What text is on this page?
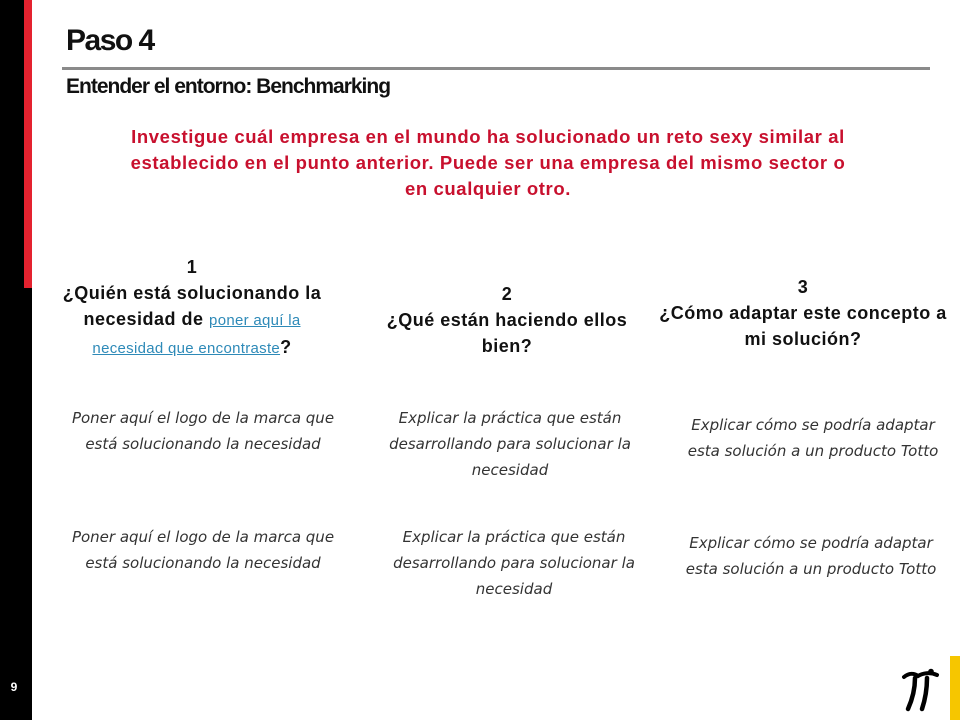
9
Paso 4
Entender el entorno: Benchmarking

Investigue cuál empresa en el mundo ha solucionado un reto sexy similar al establecido en el punto anterior. Puede ser una empresa del mismo sector o en cualquier otro.

1
¿Quién está solucionando la necesidad de poner aquí la necesidad que encontraste?
2
¿Qué están haciendo ellos bien?
3
¿Cómo adaptar este concepto a mi solución?
Poner aquí el logo de la marca que está solucionando la necesidad
Explicar la práctica que están desarrollando para solucionar la necesidad
Explicar cómo se podría adaptar esta solución a un producto Totto
Poner aquí el logo de la marca que está solucionando la necesidad
Explicar la práctica que están desarrollando para solucionar la necesidad
Explicar cómo se podría adaptar esta solución a un producto Totto
